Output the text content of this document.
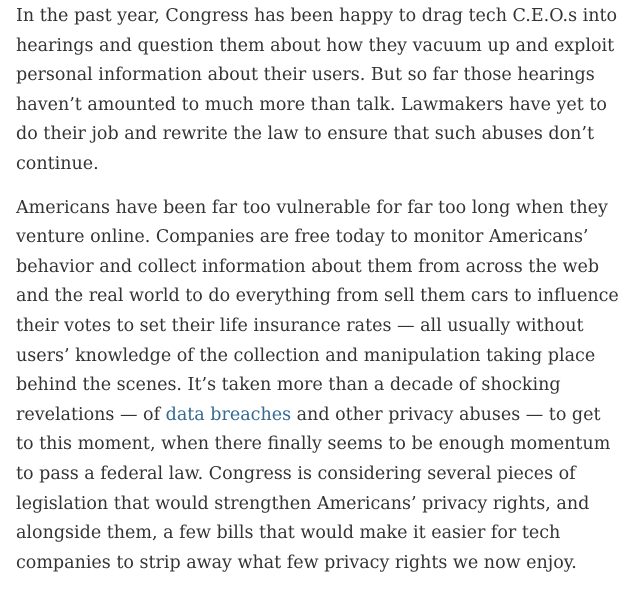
In the past year, Congress has been happy to drag tech C.E.O.s into
hearings and question them about how they vacuum up and exploit
personal information about their users. But so far those hearings
haven’t amounted to much more than talk. Lawmakers have yet to
do their job and rewrite the law to ensure that such abuses don’t
continue.

Americans have been far too vulnerable for far too long when they
venture online. Companies are free today to monitor Americans’
behavior and collect information about them from across the web
and the real world to do everything from sell them cars to influence
their votes to set their life insurance rates — all usually without
users’ knowledge of the collection and manipulation taking place
behind the scenes. It’s taken more than a decade of shocking
revelations — of data breaches and other privacy abuses — to get
to this moment, when there finally seems to be enough momentum
to pass a federal law. Congress is considering several pieces of
legislation that would strengthen Americans’ privacy rights, and
alongside them, a few bills that would make it easier for tech
companies to strip away what few privacy rights we now enjoy.
